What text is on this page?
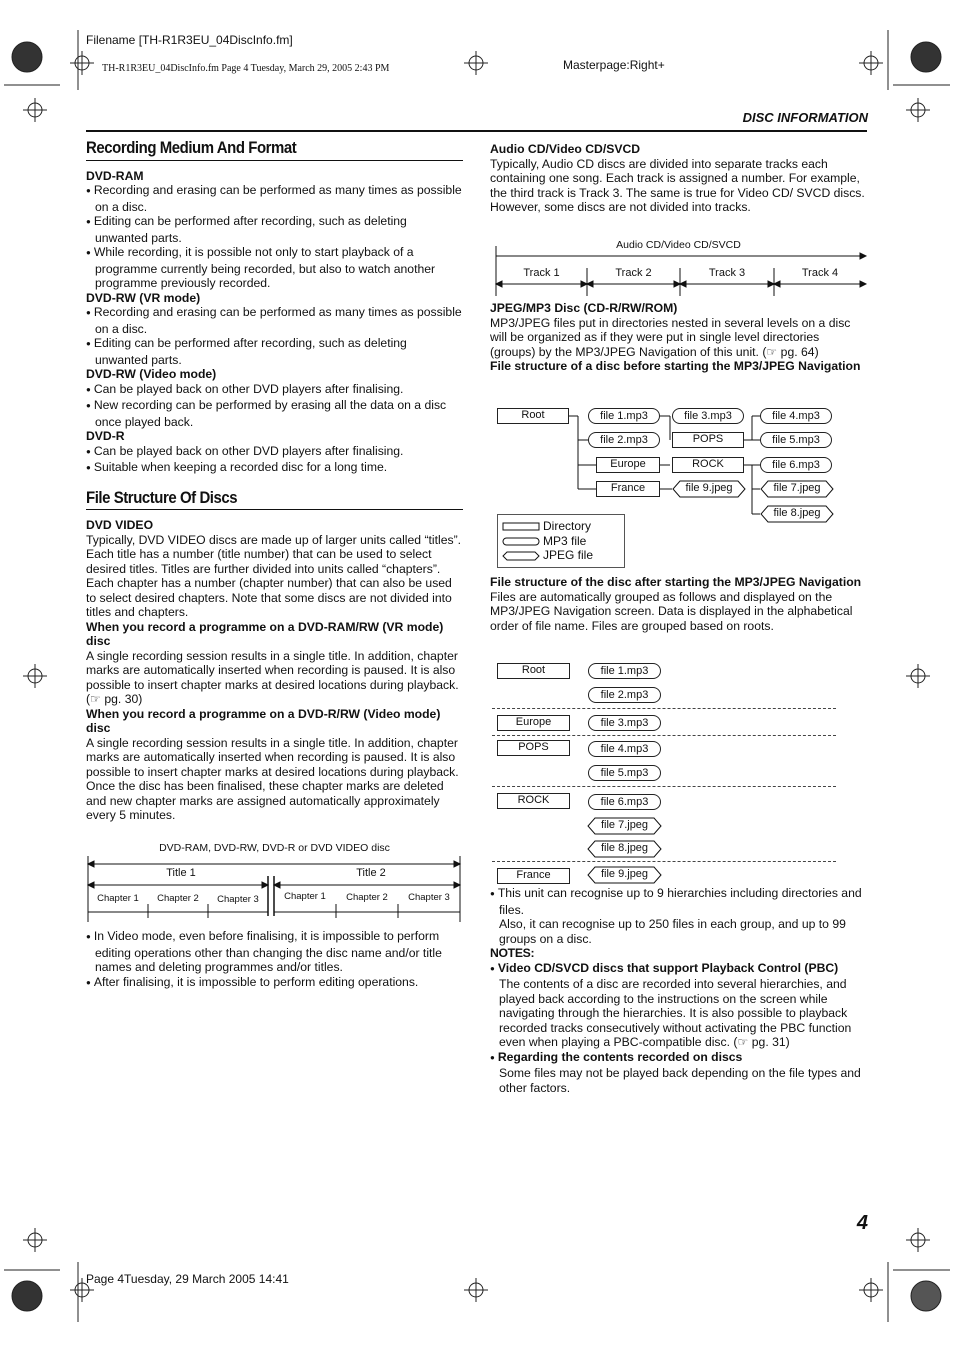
Filename [TH-R1R3EU_04DiscInfo.fm]
TH-R1R3EU_04DiscInfo.fm Page 4 Tuesday, March 29, 2005 2:43 PM	Masterpage:Right+
DISC INFORMATION
Recording Medium And Format

DVD-RAM

● Recording and erasing can be performed as many times as possible on a disc.

● Editing can be performed after recording, such as deleting unwanted parts.

● While recording, it is possible not only to start playback of a programme currently being recorded, but also to watch another programme previously recorded.

DVD-RW (VR mode)

● Recording and erasing can be performed as many times as possible on a disc.

● Editing can be performed after recording, such as deleting unwanted parts.

DVD-RW (Video mode)

● Can be played back on other DVD players after finalising.

● New recording can be performed by erasing all the data on a disc once played back.

DVD-R

● Can be played back on other DVD players after finalising.

● Suitable when keeping a recorded disc for a long time.

File Structure Of Discs

DVD VIDEO

Typically, DVD VIDEO discs are made up of larger units called “titles”. Each title has a number (title number) that can be used to select desired titles. Titles are further divided into units called “chapters”. Each chapter has a number (chapter number) that can also be used to select desired chapters. Note that some discs are not divided into titles and chapters.

When you record a programme on a DVD-RAM/RW (VR mode) disc

A single recording session results in a single title. In addition, chapter marks are automatically inserted when recording is paused. It is also possible to insert chapter marks at desired locations during playback. (☞ pg. 30)

When you record a programme on a DVD-R/RW (Video mode) disc

A single recording session results in a single title. In addition, chapter marks are automatically inserted when recording is paused. It is also possible to insert chapter marks at desired locations during playback. Once the disc has been finalised, these chapter marks are deleted and new chapter marks are assigned automatically approximately every 5 minutes.

DVD-RAM, DVD-RW, DVD-R or DVD VIDEO disc
Title 1	Title 2
Chapter 1	Chapter 2	Chapter 3	Chapter 1	Chapter 2	Chapter 3

● In Video mode, even before finalising, it is impossible to perform editing operations other than changing the disc name and/or title names and deleting programmes and/or titles.

● After finalising, it is impossible to perform editing operations.

Audio CD/Video CD/SVCD

Typically, Audio CD discs are divided into separate tracks each containing one song. Each track is assigned a number. For example, the third track is Track 3. The same is true for Video CD/ SVCD discs.

However, some discs are not divided into tracks.

Audio CD/Video CD/SVCD
Track 1	Track 2	Track 3	Track 4

JPEG/MP3 Disc (CD-R/RW/ROM)

MP3/JPEG files put in directories nested in several levels on a disc will be organized as if they were put in single level directories (groups) by the MP3/JPEG Navigation of this unit. (☞ pg. 64)

File structure of a disc before starting the MP3/JPEG Navigation

Root	file 1.mp3
file 2.mp3
Europe
France
file 3.mp3
POPS
ROCK
file 9.jpeg
file 4.mp3
file 5.mp3
file 6.mp3
file 7.jpeg
file 8.jpeg
Directory
MP3 file
JPEG file

File structure of the disc after starting the MP3/JPEG Navigation

Files are automatically grouped as follows and displayed on the MP3/JPEG Navigation screen. Data is displayed in the alphabetical order of file name. Files are grouped based on roots.

Root	file 1.mp3
file 2.mp3
Europe	file 3.mp3
POPS	file 4.mp3
file 5.mp3
ROCK	file 6.mp3
file 7.jpeg
file 8.jpeg
France	file 9.jpeg

● This unit can recognise up to 9 hierarchies including directories and files.

Also, it can recognise up to 250 files in each group, and up to 99 groups on a disc.

NOTES:

● Video CD/SVCD discs that support Playback Control (PBC)

The contents of a disc are recorded into several hierarchies, and played back according to the instructions on the screen while navigating through the hierarchies. It is also possible to playback recorded tracks consecutively without activating the PBC function even when playing a PBC-compatible disc. (☞ pg. 31)

● Regarding the contents recorded on discs

Some files may not be played back depending on the file types and other factors.

4
Page 4Tuesday, 29 March 2005 14:41
